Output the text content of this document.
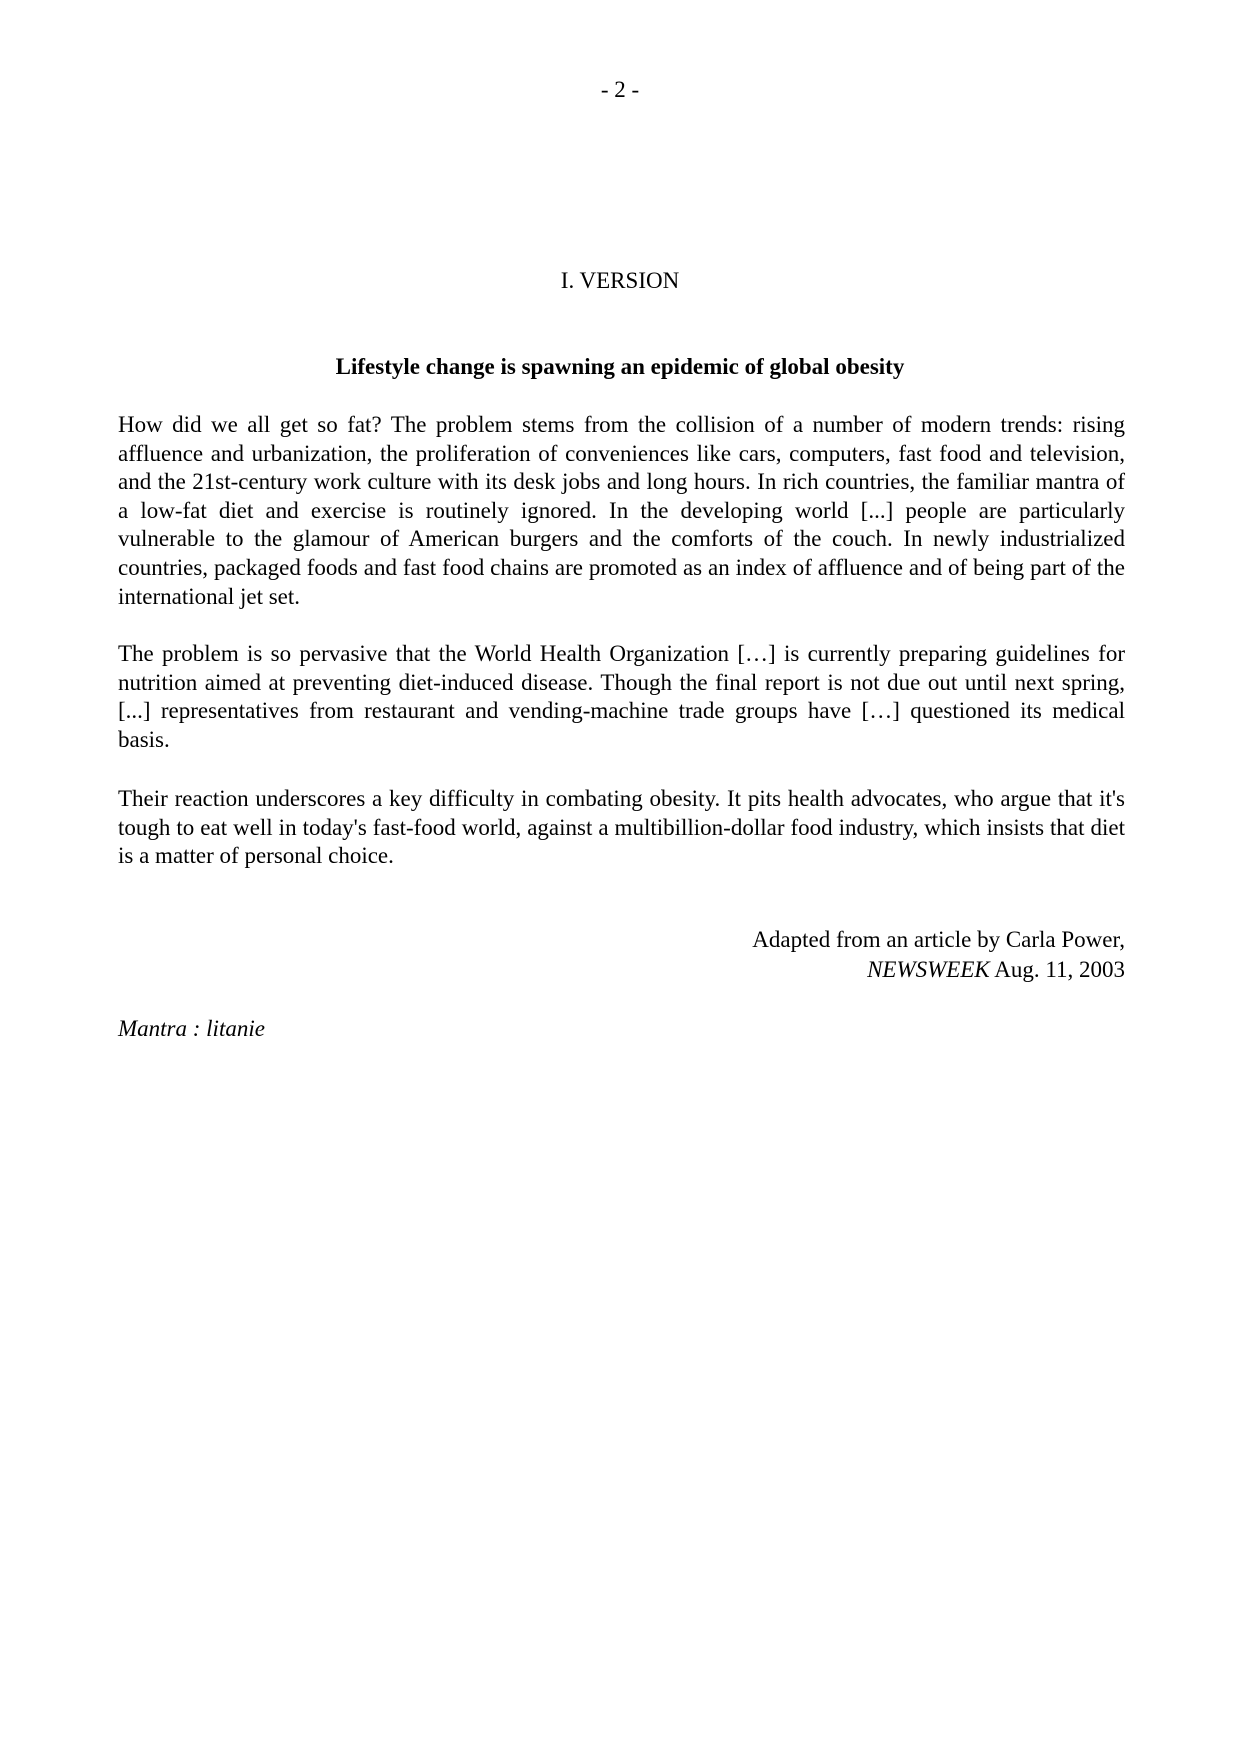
- 2 -
I. VERSION
Lifestyle change is spawning an epidemic of global obesity

How did we all get so fat? The problem stems from the collision of a number of modern trends: rising affluence and urbanization, the proliferation of conveniences like cars, computers, fast food and television, and the 21st-century work culture with its desk jobs and long hours. In rich countries, the familiar mantra of a low-fat diet and exercise is routinely ignored. In the developing world [...] people are particularly vulnerable to the glamour of American burgers and the comforts of the couch. In newly industrialized countries, packaged foods and fast food chains are promoted as an index of affluence and of being part of the international jet set.

The problem is so pervasive that the World Health Organization […] is currently preparing guidelines for nutrition aimed at preventing diet-induced disease. Though the final report is not due out until next spring, [...] representatives from restaurant and vending-machine trade groups have […] questioned its medical basis.

Their reaction underscores a key difficulty in combating obesity. It pits health advocates, who argue that it's tough to eat well in today's fast-food world, against a multibillion-dollar food industry, which insists that diet is a matter of personal choice.

Adapted from an article by Carla Power,
NEWSWEEK Aug. 11, 2003
Mantra : litanie
